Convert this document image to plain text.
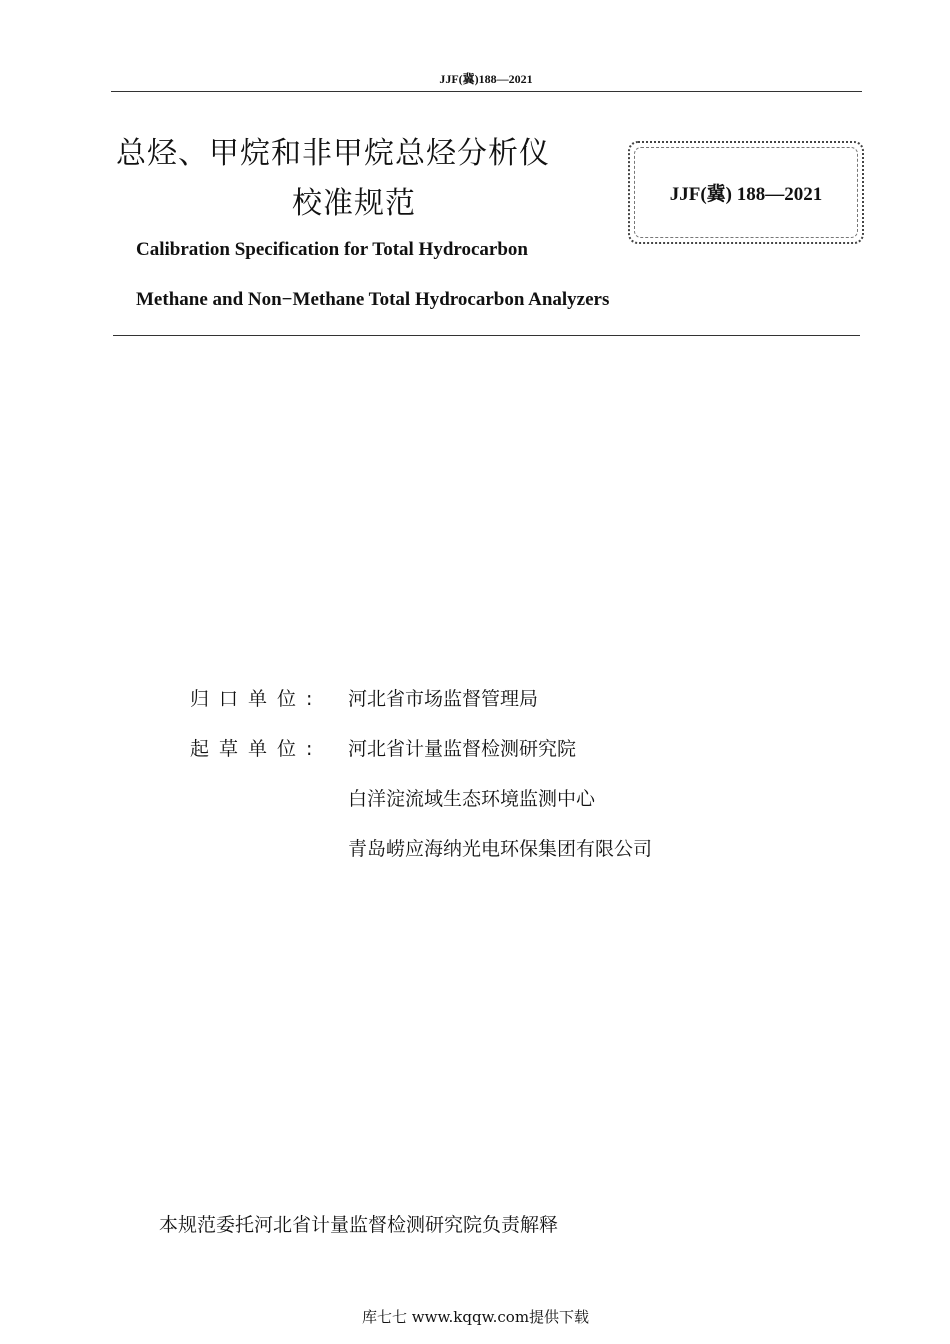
JJF(冀)188—2021
总烃、甲烷和非甲烷总烃分析仪
校准规范	JJF(冀) 188—2021
Calibration Specification for Total Hydrocarbon
Methane and Non−Methane Total Hydrocarbon Analyzers
归口单位: 河北省市场监督管理局
起草单位: 河北省计量监督检测研究院
白洋淀流域生态环境监测中心
青岛崂应海纳光电环保集团有限公司
本规范委托河北省计量监督检测研究院负责解释
库七七 www.kqqw.com提供下载
